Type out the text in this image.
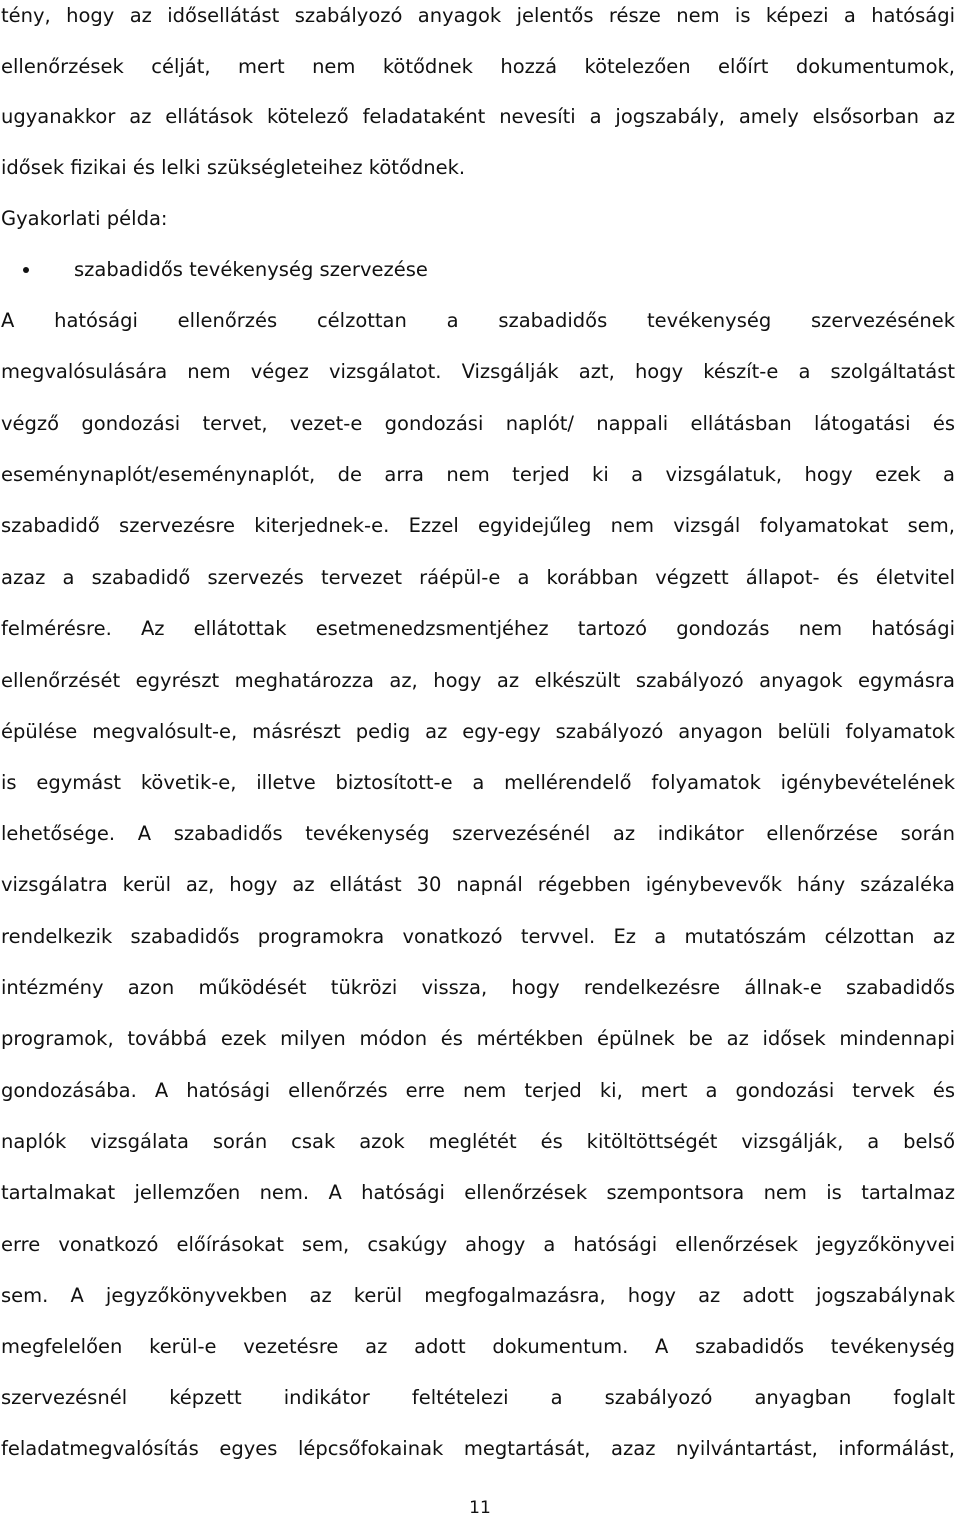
tény, hogy az idősellátást szabályozó anyagok jelentős része nem is képezi a hatósági
ellenőrzések célját, mert nem kötődnek hozzá kötelezően előírt dokumentumok,
ugyanakkor az ellátások kötelező feladataként nevesíti a jogszabály, amely elsősorban az
idősek fizikai és lelki szükségleteihez kötődnek.
Gyakorlati példa:
szabadidős tevékenység szervezése
A hatósági ellenőrzés célzottan a szabadidős tevékenység szervezésének
megvalósulására nem végez vizsgálatot. Vizsgálják azt, hogy készít-e a szolgáltatást
végző gondozási tervet, vezet-e gondozási naplót/ nappali ellátásban látogatási és
eseménynaplót/eseménynaplót, de arra nem terjed ki a vizsgálatuk, hogy ezek a
szabadidő szervezésre kiterjednek-e. Ezzel egyidejűleg nem vizsgál folyamatokat sem,
azaz a szabadidő szervezés tervezet ráépül-e a korábban végzett állapot- és életvitel
felmérésre. Az ellátottak esetmenedzsmentjéhez tartozó gondozás nem hatósági
ellenőrzését egyrészt meghatározza az, hogy az elkészült szabályozó anyagok egymásra
épülése megvalósult-e, másrészt pedig az egy-egy szabályozó anyagon belüli folyamatok
is egymást követik-e, illetve biztosított-e a mellérendelő folyamatok igénybevételének
lehetősége. A szabadidős tevékenység szervezésénél az indikátor ellenőrzése során
vizsgálatra kerül az, hogy az ellátást 30 napnál régebben igénybevevők hány százaléka
rendelkezik szabadidős programokra vonatkozó tervvel. Ez a mutatószám célzottan az
intézmény azon működését tükrözi vissza, hogy rendelkezésre állnak-e szabadidős
programok, továbbá ezek milyen módon és mértékben épülnek be az idősek mindennapi
gondozásába. A hatósági ellenőrzés erre nem terjed ki, mert a gondozási tervek és
naplók vizsgálata során csak azok meglétét és kitöltöttségét vizsgálják, a belső
tartalmakat jellemzően nem. A hatósági ellenőrzések szempontsora nem is tartalmaz
erre vonatkozó előírásokat sem, csakúgy ahogy a hatósági ellenőrzések jegyzőkönyvei
sem. A jegyzőkönyvekben az kerül megfogalmazásra, hogy az adott jogszabálynak
megfelelően kerül-e vezetésre az adott dokumentum. A szabadidős tevékenység
szervezésnél képzett indikátor feltételezi a szabályozó anyagban foglalt
feladatmegvalósítás egyes lépcsőfokainak megtartását, azaz nyilvántartást, informálást,
11
